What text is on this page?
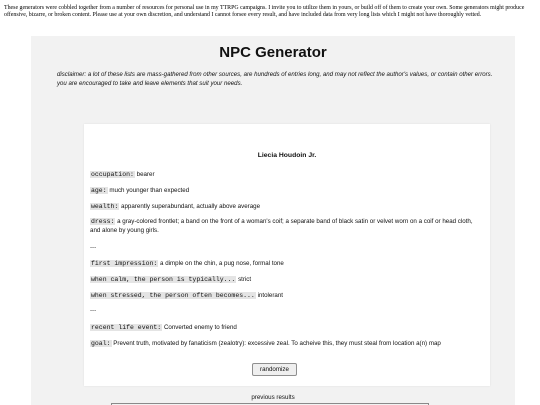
These generators were cobbled together from a number of resources for personal use in my TTRPG campaigns. I invite you to utilize them in yours, or build off of them to create your own. Some generators might produce offensive, bizarre, or broken content. Please use at your own discretion, and understand I cannot forsee every result, and have included data from very long lists which I might not have thoroughly vetted.
NPC Generator
disclaimer: a lot of these lists are mass-gathered from other sources, are hundreds of entries long, and may not reflect the author's values, or contain other errors. you are encouraged to take and leave elements that suit your needs.
Liecia Houdoin Jr.
occupation: bearer
age: much younger than expected
wealth: apparently superabundant, actually above average
dress: a gray-colored frontlet; a band on the front of a woman's coif; a separate band of black satin or velvet worn on a coif or head cloth, and alone by young girls.
---
first impression: a dimple on the chin, a pug nose, formal tone
when calm, the person is typically... strict
when stressed, the person often becomes... intolerant
---
recent life event: Converted enemy to friend
goal: Prevent truth, motivated by fanaticism (zealotry): excessive zeal. To acheive this, they must steal from location a(n) map
randomize
previous results
